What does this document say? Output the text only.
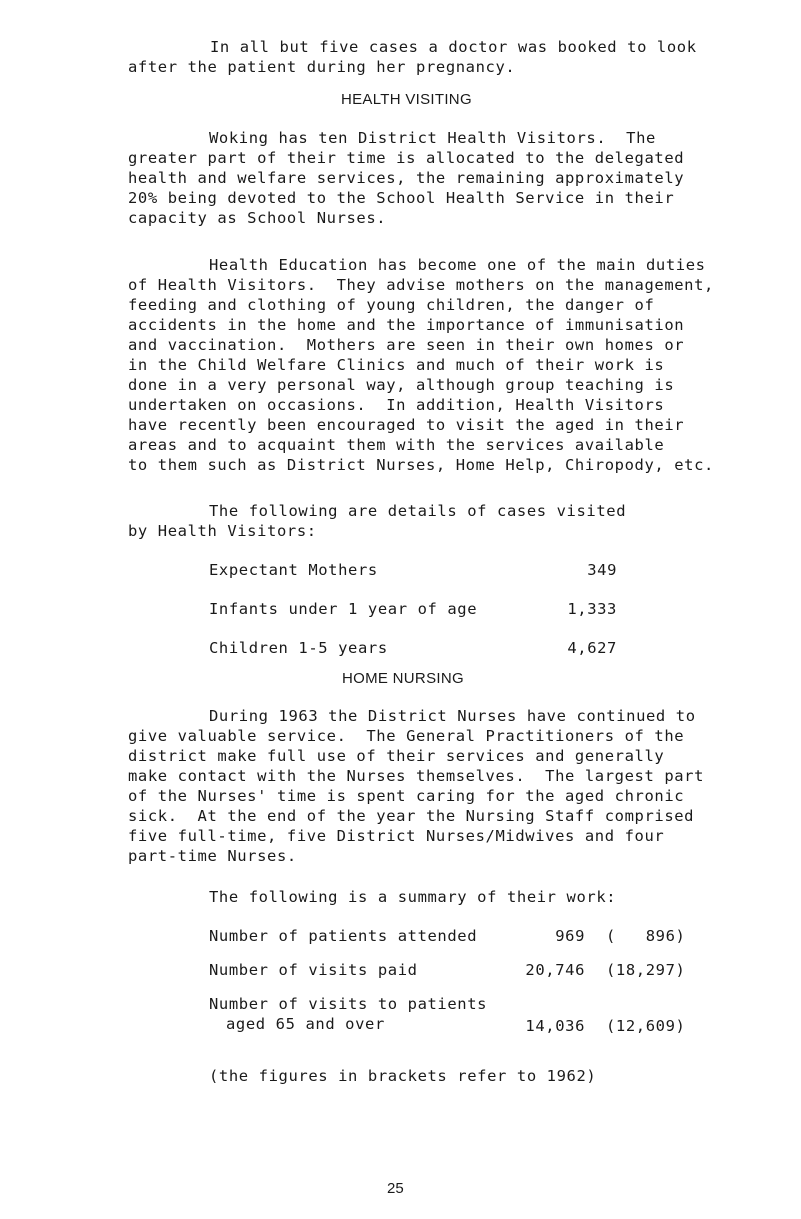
In all but five cases a doctor was booked to look
after the patient during her pregnancy.
HEALTH VISITING
Woking has ten District Health Visitors.  The
greater part of their time is allocated to the delegated
health and welfare services, the remaining approximately
20% being devoted to the School Health Service in their
capacity as School Nurses.
Health Education has become one of the main duties
of Health Visitors.  They advise mothers on the management,
feeding and clothing of young children, the danger of
accidents in the home and the importance of immunisation
and vaccination.  Mothers are seen in their own homes or
in the Child Welfare Clinics and much of their work is
done in a very personal way, although group teaching is
undertaken on occasions.  In addition, Health Visitors
have recently been encouraged to visit the aged in their
areas and to acquaint them with the services available
to them such as District Nurses, Home Help, Chiropody, etc.
The following are details of cases visited
by Health Visitors:
Expectant Mothers	349
Infants under 1 year of age	1,333
Children 1-5 years	4,627
HOME NURSING
During 1963 the District Nurses have continued to
give valuable service.  The General Practitioners of the
district make full use of their services and generally
make contact with the Nurses themselves.  The largest part
of the Nurses' time is spent caring for the aged chronic
sick.  At the end of the year the Nursing Staff comprised
five full-time, five District Nurses/Midwives and four
part-time Nurses.
The following is a summary of their work:
Number of patients attended	969 (   896)
Number of visits paid	20,746 (18,297)
Number of visits to patients
aged 65 and over	14,036 (12,609)
(the figures in brackets refer to 1962)
25
